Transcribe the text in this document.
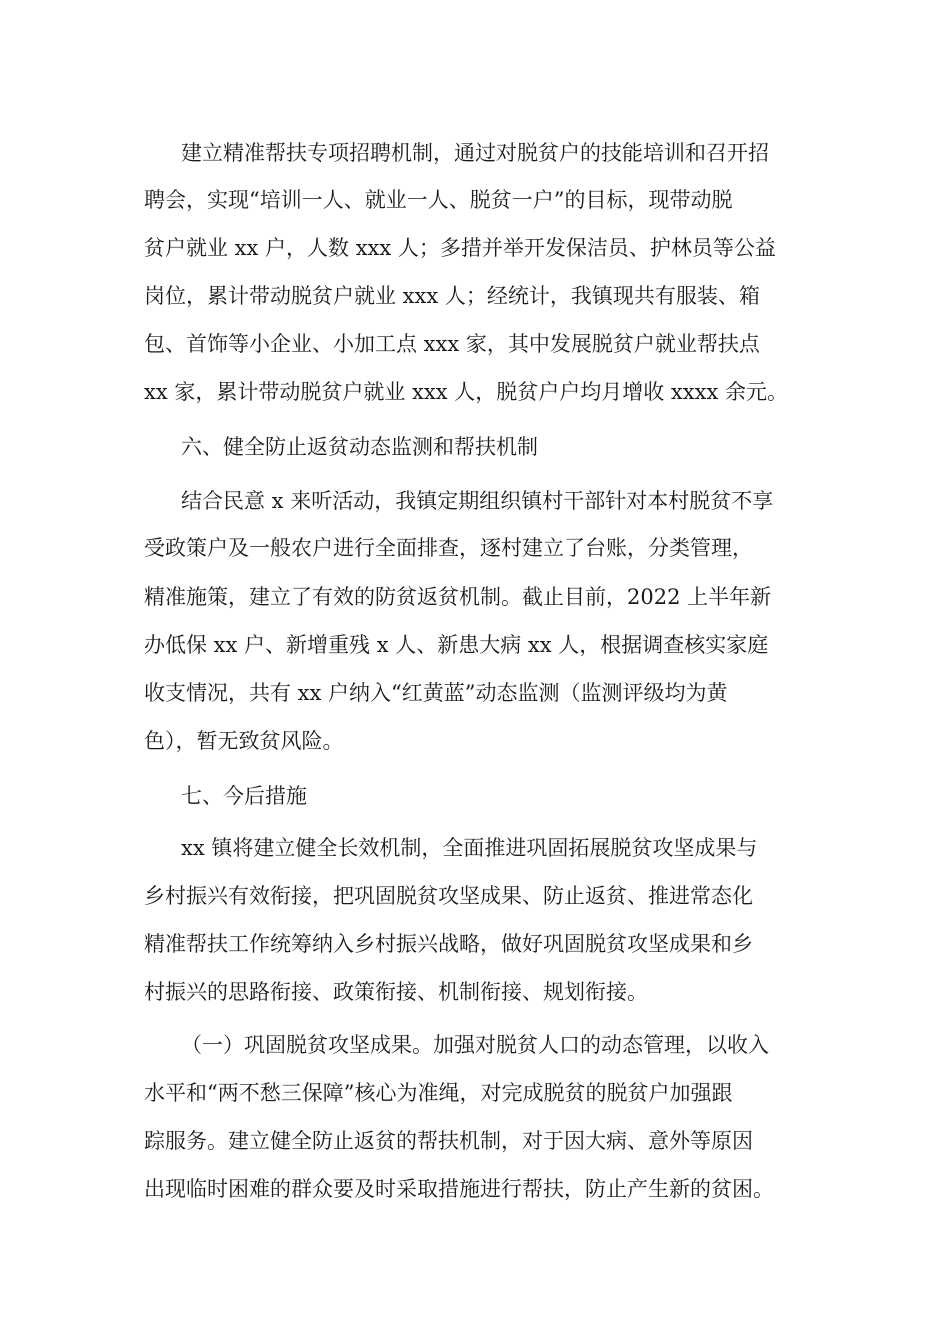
建立精准帮扶专项招聘机制，通过对脱贫户的技能培训和召开招

聘会，实现“培训一人、就业一人、脱贫一户”的目标，现带动脱

贫户就业 xx 户，人数 xxx 人；多措并举开发保洁员、护林员等公益

岗位，累计带动脱贫户就业 xxx 人；经统计，我镇现共有服装、箱

包、首饰等小企业、小加工点 xxx 家，其中发展脱贫户就业帮扶点

xx 家，累计带动脱贫户就业 xxx 人，脱贫户户均月增收 xxxx 余元。

六、健全防止返贫动态监测和帮扶机制

结合民意 x 来听活动，我镇定期组织镇村干部针对本村脱贫不享

受政策户及一般农户进行全面排查，逐村建立了台账，分类管理，

精准施策，建立了有效的防贫返贫机制。截止目前，2022 上半年新

办低保 xx 户、新增重残 x 人、新患大病 xx 人，根据调查核实家庭

收支情况，共有 xx 户纳入“红黄蓝”动态监测（监测评级均为黄

色），暂无致贫风险。

七、今后措施

xx 镇将建立健全长效机制，全面推进巩固拓展脱贫攻坚成果与

乡村振兴有效衔接，把巩固脱贫攻坚成果、防止返贫、推进常态化

精准帮扶工作统筹纳入乡村振兴战略，做好巩固脱贫攻坚成果和乡

村振兴的思路衔接、政策衔接、机制衔接、规划衔接。

（一）巩固脱贫攻坚成果。加强对脱贫人口的动态管理，以收入

水平和“两不愁三保障”核心为准绳，对完成脱贫的脱贫户加强跟

踪服务。建立健全防止返贫的帮扶机制，对于因大病、意外等原因

出现临时困难的群众要及时采取措施进行帮扶，防止产生新的贫困。
